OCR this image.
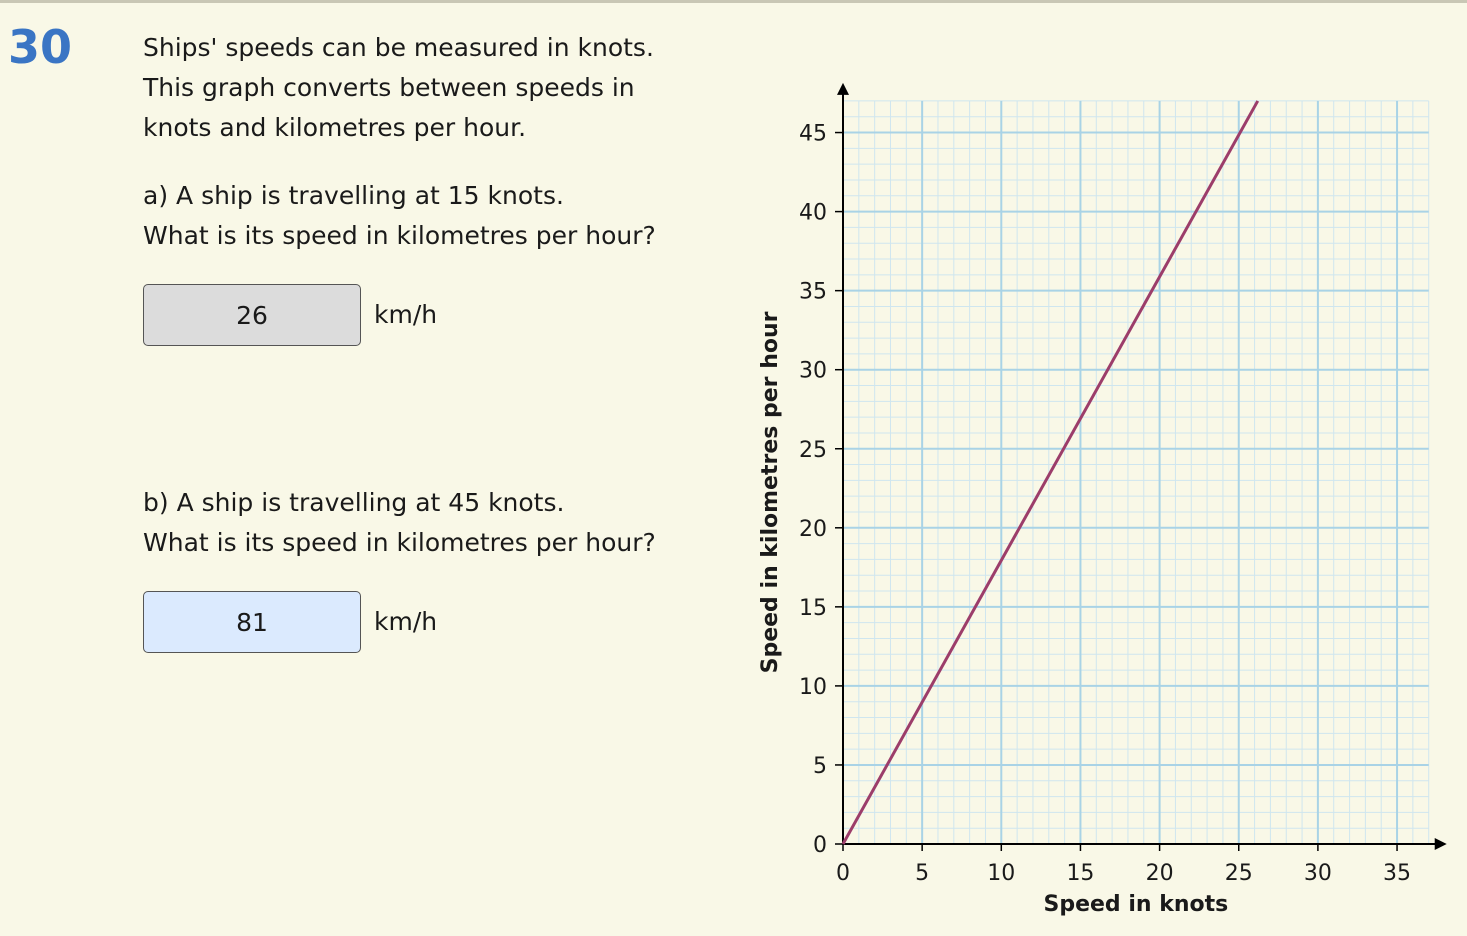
30	Ships' speeds can be measured in knots.
This graph converts between speeds in
knots and kilometres per hour.
a) A ship is travelling at 15 knots.
What is its speed in kilometres per hour?
26	km/h
b) A ship is travelling at 45 knots.
What is its speed in kilometres per hour?
81	km/h
0	5	10 15 20 25 30 35
0
5
10
15
20
25
30
35
40
45
Speed in knots
Speed in kilometres per hour
